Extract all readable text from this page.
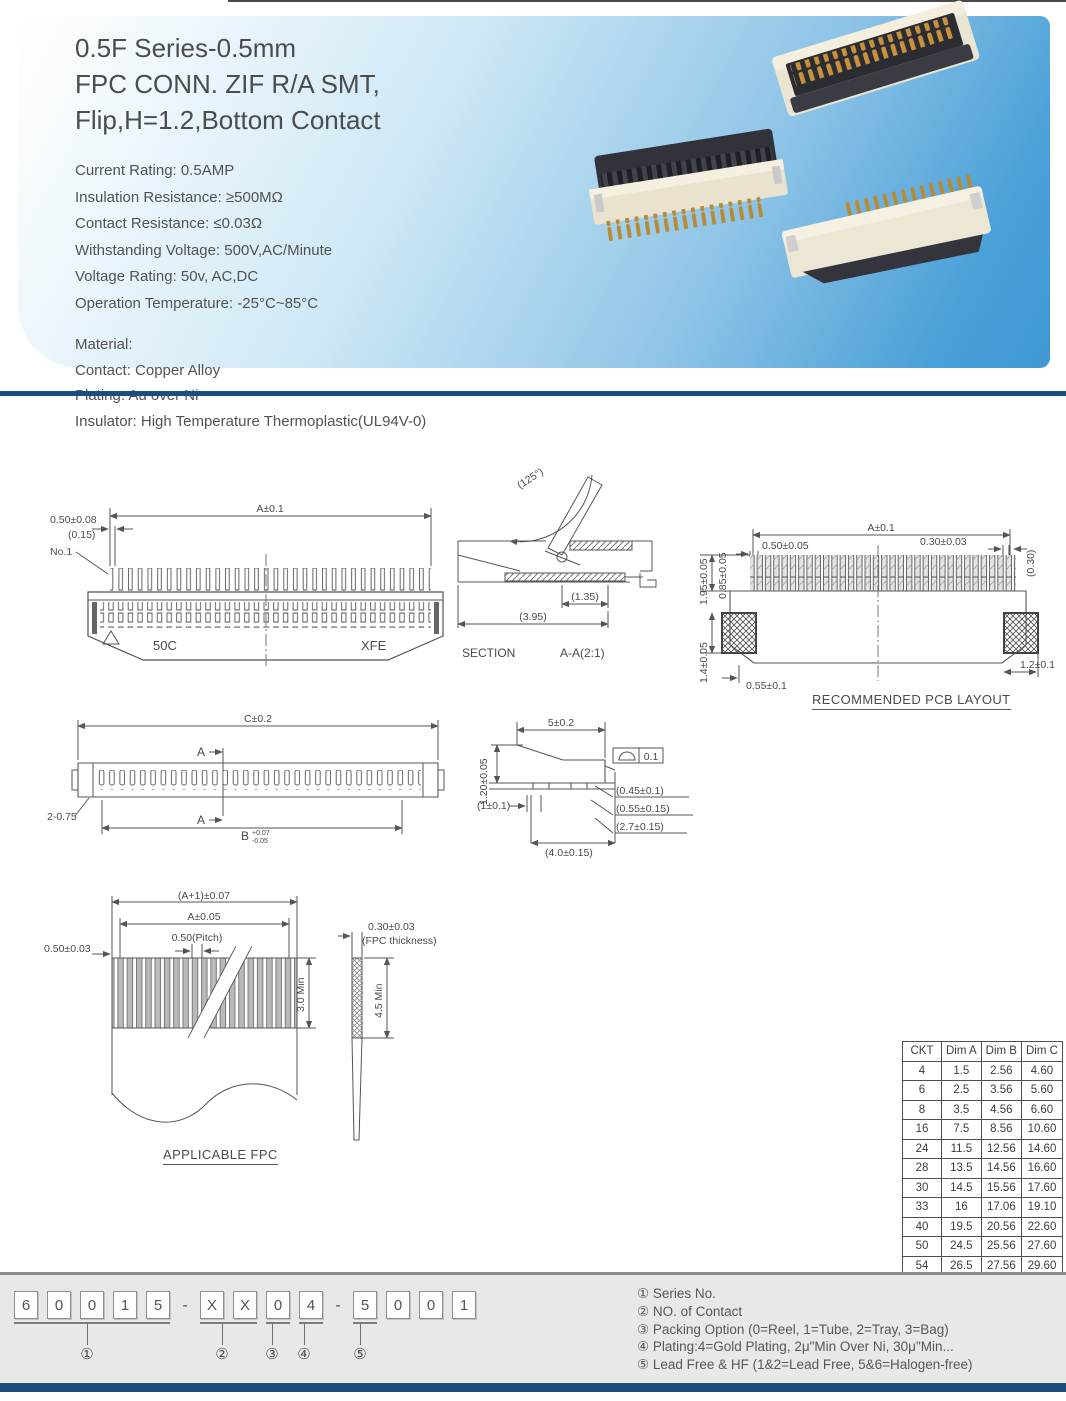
0.5F Series-0.5mm
FPC CONN. ZIF R/A SMT,
Flip,H=1.2,Bottom Contact
Current Rating: 0.5AMP
Insulation Resistance: ≥500MΩ
Contact Resistance: ≤0.03Ω
Withstanding Voltage: 500V,AC/Minute
Voltage Rating: 50v, AC,DC
Operation Temperature: -25°C~85°C
Material:
Contact: Copper Alloy
Insulator: High Temperature Thermoplastic(UL94V-0)
A±0.1
0.50±0.08
(0.15)
No.1
50C	XFE
(125°)
(1.35)
(3.95)
SECTION	A-A(2:1)
A±0.1
0.50±0.05	0.30±0.03
(0.30)
1.95±0.05 0.85±0.05
1.4±0.05
0.55±0.1
1.2±0.1
RECOMMENDED PCB LAYOUT
C±0.2
A
A
2-0.75
B +0.07
-0.05
1.20±0.05
5±0.2
0.1
(0.45±0.1)
(0.55±0.15)
(2.7±0.15)
(1±0.1)
(4.0±0.15)
(A+1)±0.07
A±0.05
0.50(Pitch)
0.50±0.03
3.0 Min
0.30±0.03
(FPC thickness)
4.5 Min
APPLICABLE FPC
CKT	Dim A	Dim B	Dim C
4	1.5	2.56	4.60
6	2.5	3.56	5.60
8	3.5	4.56	6.60
16	7.5	8.56	10.60
24	11.5	12.56	14.60
28	13.5	14.56	16.60
30	14.5	15.56	17.60
33	16	17.06	19.10
40	19.5	20.56	22.60
50	24.5	25.56	27.60
54	26.5	27.56	29.60
6	0	0	1	5	-	X	X	0	4	-	5	0	0	1
①	② ③ ④	⑤
① Series No.
② NO. of Contact
③ Packing Option (0=Reel, 1=Tube, 2=Tray, 3=Bag)
④ Plating:4=Gold Plating, 2μ"Min Over Ni, 30μ"Min...
⑤ Lead Free & HF (1&2=Lead Free, 5&6=Halogen-free)
